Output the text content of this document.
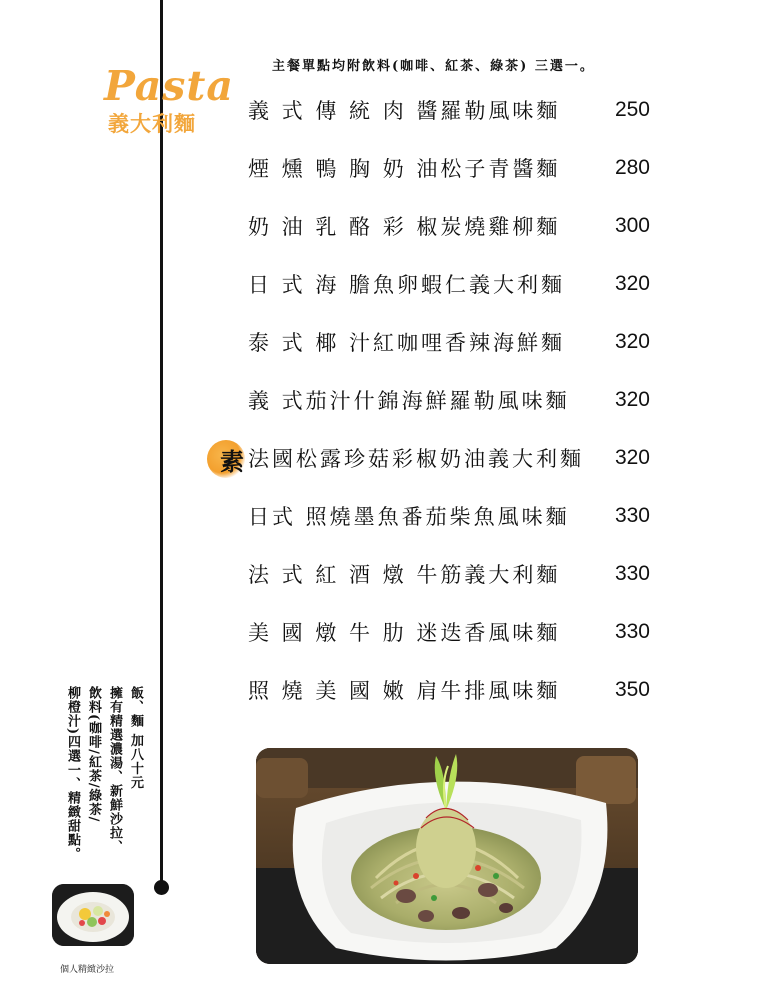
主餐單點均附飲料(咖啡、紅茶、綠茶) 三選一。
Pasta
義大利麵
素
義 式 傳 統 肉 醬羅勒風味麵	250
煙 燻 鴨 胸 奶 油松子青醬麵	280
奶 油 乳 酪 彩 椒炭燒雞柳麵	300
日 式 海 膽魚卵蝦仁義大利麵 320
泰 式 椰 汁紅咖哩香辣海鮮麵 320
義 式茄汁什錦海鮮羅勒風味麵 320
法國松露珍菇彩椒奶油義大利麵 320
日式 照燒墨魚番茄柴魚風味麵 330
法 式 紅 酒 燉 牛筋義大利麵	330
美 國 燉 牛 肋 迷迭香風味麵	330
照 燒 美 國 嫩 肩牛排風味麵	350
飯、麵 加八十元
擁有精選濃湯、新鮮沙拉、
飲料(咖啡/紅茶/綠茶/
柳橙汁)四選一、精緻甜點。
個人精緻沙拉
